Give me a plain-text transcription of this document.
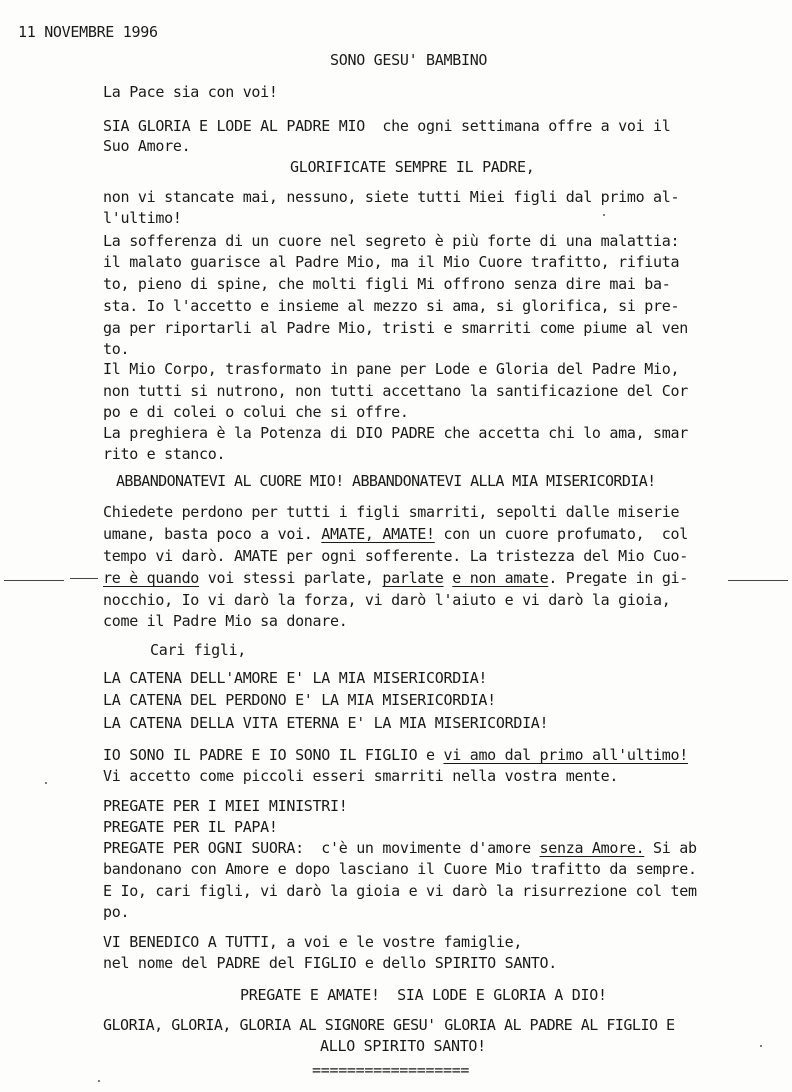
11 NOVEMBRE 1996
SONO GESU' BAMBINO
La Pace sia con voi!
SIA GLORIA E LODE AL PADRE MIO  che ogni settimana offre a voi il
Suo Amore.
GLORIFICATE SEMPRE IL PADRE,
non vi stancate mai, nessuno, siete tutti Miei figli dal primo al-
l'ultimo!
La sofferenza di un cuore nel segreto è più forte di una malattia:
il malato guarisce al Padre Mio, ma il Mio Cuore trafitto, rifiuta
to, pieno di spine, che molti figli Mi offrono senza dire mai ba-
sta. Io l'accetto e insieme al mezzo si ama, si glorifica, si pre-
ga per riportarli al Padre Mio, tristi e smarriti come piume al ven
to.
Il Mio Corpo, trasformato in pane per Lode e Gloria del Padre Mio,
non tutti si nutrono, non tutti accettano la santificazione del Cor
po e di colei o colui che si offre.
La preghiera è la Potenza di DIO PADRE che accetta chi lo ama, smar
rito e stanco.
ABBANDONATEVI AL CUORE MIO! ABBANDONATEVI ALLA MIA MISERICORDIA!
Chiedete perdono per tutti i figli smarriti, sepolti dalle miserie
umane, basta poco a voi. AMATE, AMATE! con un cuore profumato,  col
tempo vi darò. AMATE per ogni sofferente. La tristezza del Mio Cuo-
re è quando voi stessi parlate, parlate e non amate. Pregate in gi-
nocchio, Io vi darò la forza, vi darò l'aiuto e vi darò la gioia,
come il Padre Mio sa donare.
Cari figli,
LA CATENA DELL'AMORE E' LA MIA MISERICORDIA!
LA CATENA DEL PERDONO E' LA MIA MISERICORDIA!
LA CATENA DELLA VITA ETERNA E' LA MIA MISERICORDIA!
IO SONO IL PADRE E IO SONO IL FIGLIO e vi amo dal primo all'ultimo!
Vi accetto come piccoli esseri smarriti nella vostra mente.
PREGATE PER I MIEI MINISTRI!
PREGATE PER IL PAPA!
PREGATE PER OGNI SUORA:  c'è un movimente d'amore senza Amore. Si ab
bandonano con Amore e dopo lasciano il Cuore Mio trafitto da sempre.
E Io, cari figli, vi darò la gioia e vi darò la risurrezione col tem
po.
VI BENEDICO A TUTTI, a voi e le vostre famiglie,
nel nome del PADRE del FIGLIO e dello SPIRITO SANTO.
PREGATE E AMATE!  SIA LODE E GLORIA A DIO!
GLORIA, GLORIA, GLORIA AL SIGNORE GESU' GLORIA AL PADRE AL FIGLIO E
ALLO SPIRITO SANTO!
==================
